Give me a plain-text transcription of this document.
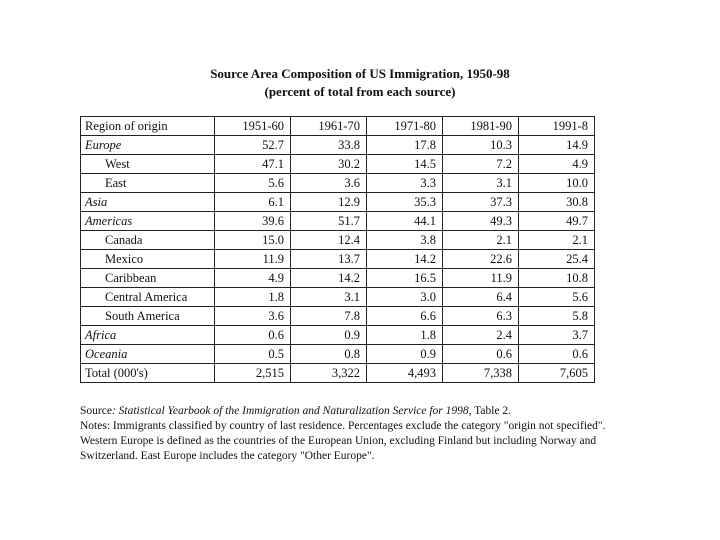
Source Area Composition of US Immigration, 1950-98
(percent of total from each source)
Region of origin	1951-60	1961-70	1971-80	1981-90	1991-8
Europe	52.7	33.8	17.8	10.3	14.9
West	47.1	30.2	14.5	7.2	4.9
East	5.6	3.6	3.3	3.1	10.0
Asia	6.1	12.9	35.3	37.3	30.8
Americas	39.6	51.7	44.1	49.3	49.7
Canada	15.0	12.4	3.8	2.1	2.1
Mexico	11.9	13.7	14.2	22.6	25.4
Caribbean	4.9	14.2	16.5	11.9	10.8
Central America	1.8	3.1	3.0	6.4	5.6
South America	3.6	7.8	6.6	6.3	5.8
Africa	0.6	0.9	1.8	2.4	3.7
Oceania	0.5	0.8	0.9	0.6	0.6
Total (000's)	2,515	3,322	4,493	7,338	7,605

Source: Statistical Yearbook of the Immigration and Naturalization Service for 1998, Table 2.

Notes: Immigrants classified by country of last residence. Percentages exclude the category "origin not specified". Western Europe is defined as the countries of the European Union, excluding Finland but including Norway and Switzerland. East Europe includes the category "Other Europe".
